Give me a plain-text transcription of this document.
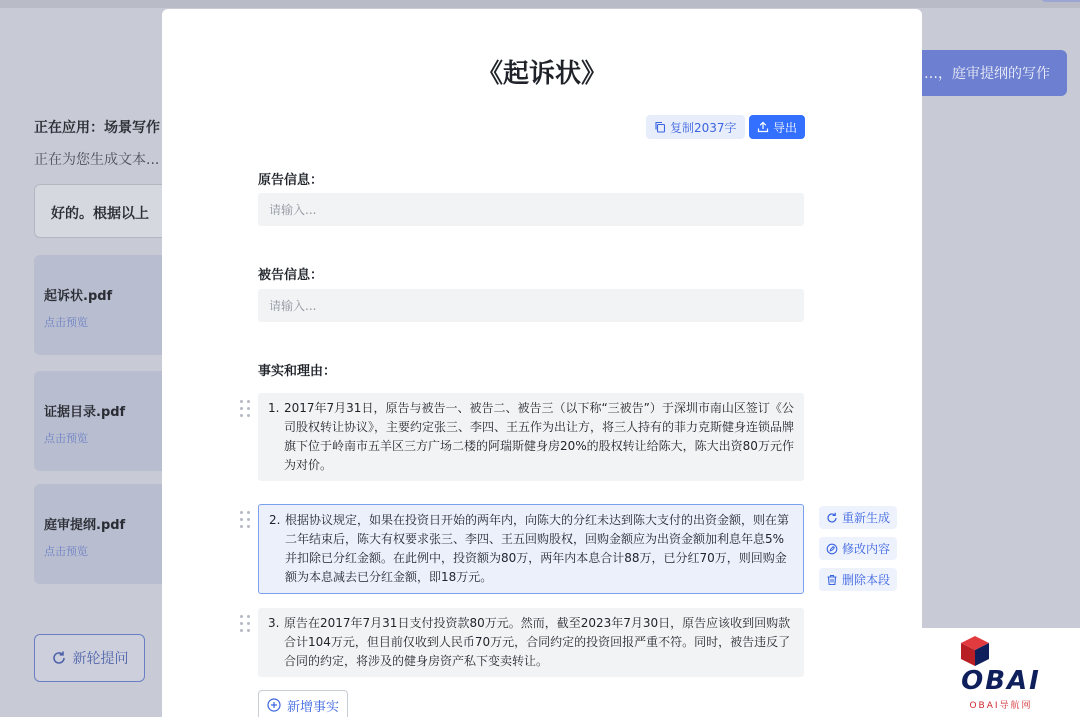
正在应用：场景写作
正在为您生成文本...
好的。根据以上
起诉状.pdf
点击预览
证据目录.pdf
点击预览
庭审提纲.pdf
点击预览
新轮提问
…，庭审提纲的写作
《起诉状》
复制2037字	导出
原告信息：
请输入...
被告信息：
请输入...
事实和理由：
1. 2017年7月31日，原告与被告一、被告二、被告三（以下称“三被告”）于深圳市南山区签订《公司股权转让协议》，主要约定张三、李四、王五作为出让方，将三人持有的菲力克斯健身连锁品牌旗下位于岭南市五羊区三方广场二楼的阿瑞斯健身房20%的股权转让给陈大，陈大出资80万元作为对价。
2. 根据协议规定，如果在投资日开始的两年内，向陈大的分红未达到陈大支付的出资金额，则在第二年结束后，陈大有权要求张三、李四、王五回购股权，回购金额应为出资金额加利息年息5%并扣除已分红金额。在此例中，投资额为80万，两年内本息合计88万，已分红70万，则回购金额为本息减去已分红金额，即18万元。
重新生成
修改内容
删除本段
3. 原告在2017年7月31日支付投资款80万元。然而，截至2023年7月30日，原告应该收到回购款合计104万元，但目前仅收到人民币70万元，合同约定的投资回报严重不符。同时，被告违反了合同的约定，将涉及的健身房资产私下变卖转让。
新增事实
OBAI
OBAI导航网
